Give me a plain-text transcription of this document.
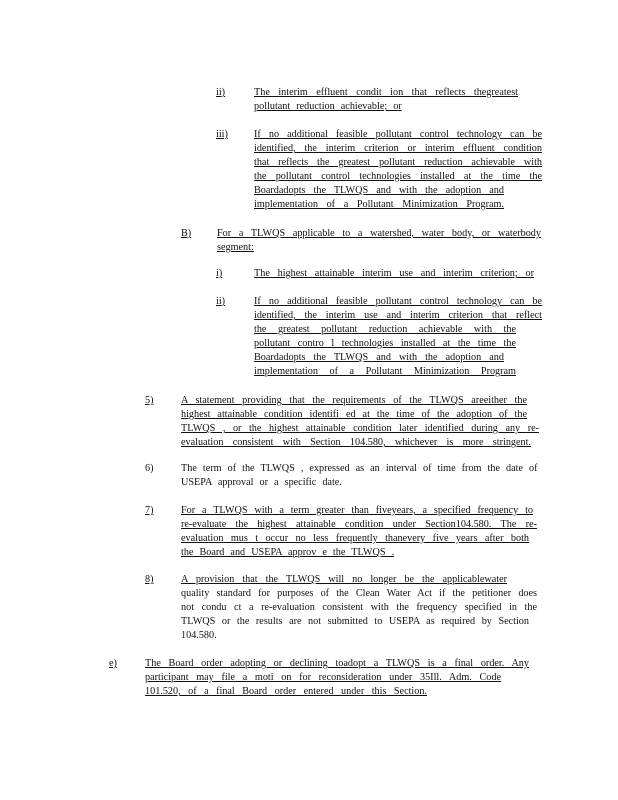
ii)	The interim effluent condit ion that reflects thegreatest
pollutant reduction achievable; or
iii)	If no additional feasible pollutant control technology can be
identified, the interim criterion or interim effluent condition
that reflects the greatest pollutant reduction achievable with
the pollutant control technologies installed at the time the
Boardadopts the TLWQS and with the adoption and
implementation of a Pollutant Minimization Program.
B)	For a TLWQS applicable to a watershed, water body, or waterbody
segment:
i)	The highest attainable interim use and interim criterion; or
ii)	If no additional feasible pollutant control technology can be
identified, the interim use and interim criterion that reflect
the greatest pollutant reduction achievable with the
pollutant contro l technologies installed at the time the
Boardadopts the TLWQS and with the adoption and
implementation of a Pollutant Minimization Program
5)	A statement providing that the requirements of the TLWQS areeither the
highest attainable condition identifi ed at the time of the adoption of the
TLWQS , or the highest attainable condition later identified during any re-
evaluation consistent with Section 104.580, whichever is more stringent.
6)	The term of the TLWQS , expressed as an interval of time from the date of
USEPA approval or a specific date.
7)	For a TLWQS with a term greater than fiveyears, a specified frequency to
re-evaluate the highest attainable condition under Section104.580. The re-
evaluation mus t occur no less frequently thanevery five years after both
the Board and USEPA approv e the TLWQS .
8)	A provision that the TLWQS will no longer be the applicablewater
quality standard for purposes of the Clean Water Act if the petitioner does
not condu ct a re-evaluation consistent with the frequency specified in the
TLWQS or the results are not submitted to USEPA as required by Section
104.580.
e)	The Board order adopting or declining toadopt a TLWQS is a final order. Any
participant may file a moti on for reconsideration under 35Ill. Adm. Code
101.520, of a final Board order entered under this Section.
